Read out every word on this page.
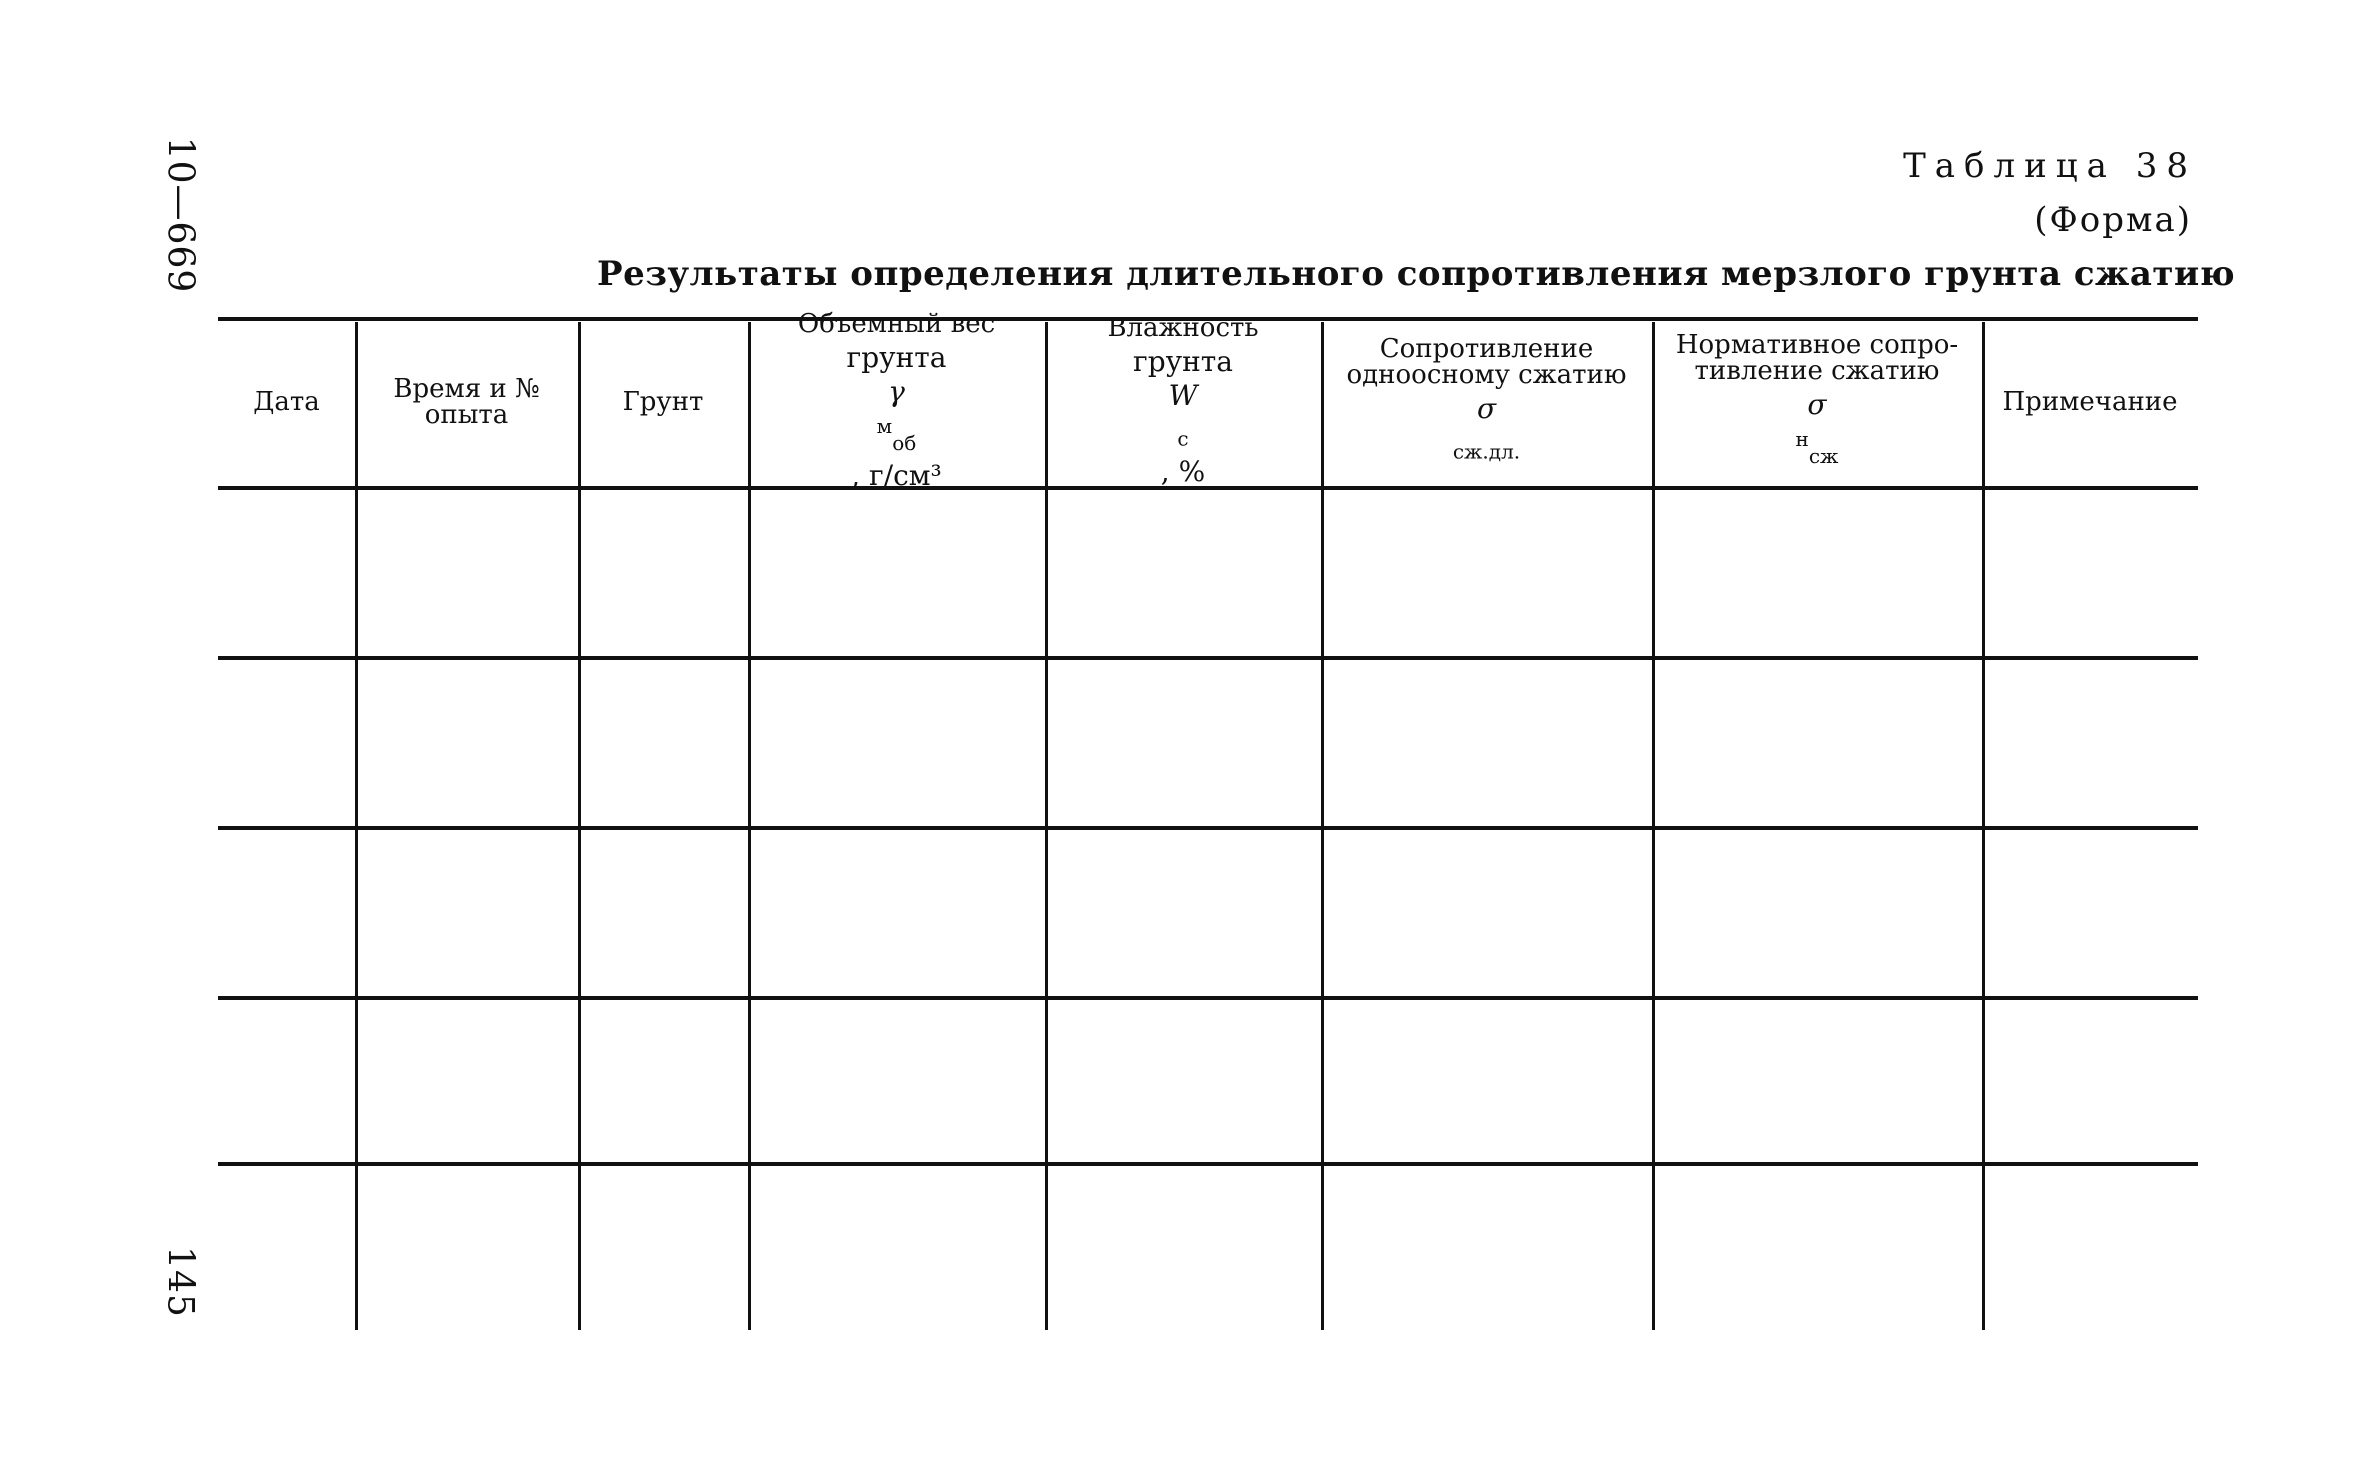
10—669
145
Таблица 38
(Форма)
Результаты определения длительного сопротивления мерзлого грунта сжатию
Дата	Время и №
опыта	Грунт
Объемный вес
грунта
γ
$^м_{об}$
, г/см³
Влажность
грунта
W
$_с$
, %
Сопротивление
одноосному сжатию
σ
$_{сж.дл.}$
Нормативное сопро-
тивление сжатию
σ
$^н_{сж}$
Примечание
